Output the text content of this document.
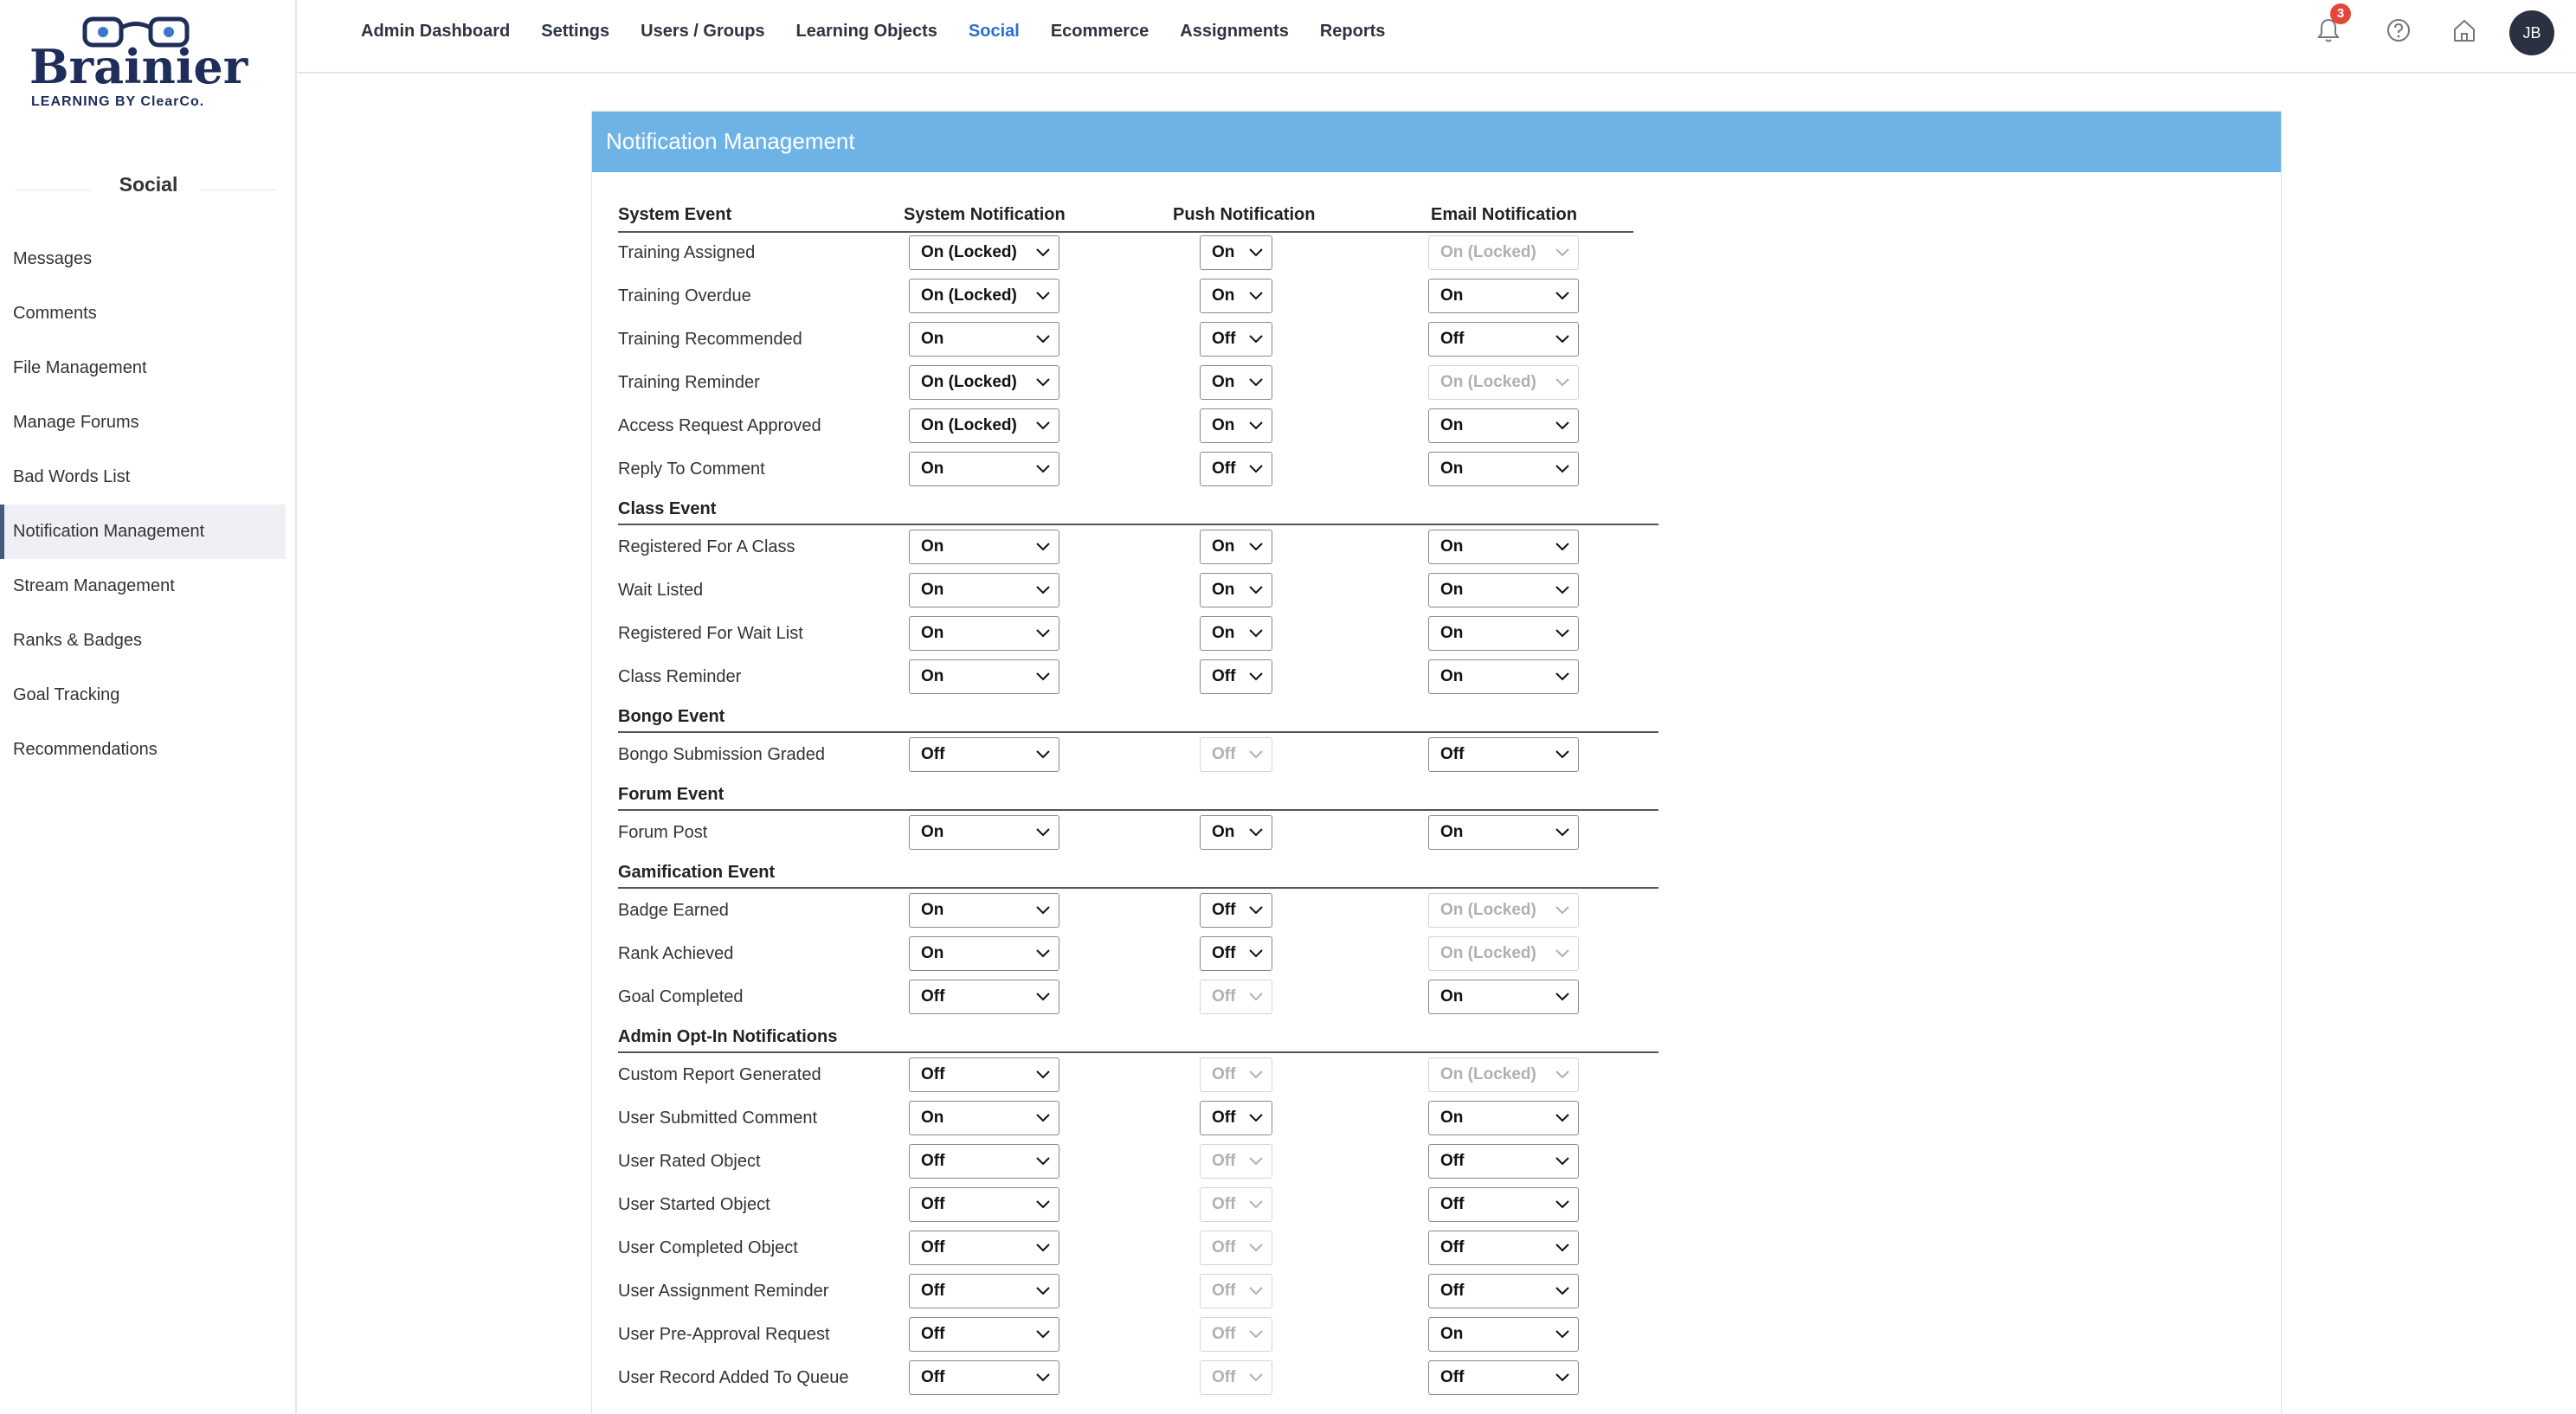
Brainier
LEARNING BY ClearCo.
Social
Messages
Comments
File Management
Manage Forums
Bad Words List
Notification Management
Stream Management
Ranks & Badges
Goal Tracking
Recommendations
Admin Dashboard Settings Users / Groups Learning Objects Social Ecommerce Assignments Reports
3
JB
Notification Management
System Event	System Notification	Push Notification	Email Notification
Training Assigned	On (Locked)	On	On (Locked)
Training Overdue	On (Locked)	On	On
Training Recommended	On	Off	Off
Training Reminder	On (Locked)	On	On (Locked)
Access Request Approved	On (Locked)	On	On
Reply To Comment	On	Off	On
Class Event
Registered For A Class	On	On	On
Wait Listed	On	On	On
Registered For Wait List	On	On	On
Class Reminder	On	Off	On
Bongo Event
Bongo Submission Graded	Off	Off	Off
Forum Event
Forum Post	On	On	On
Gamification Event
Badge Earned	On	Off	On (Locked)
Rank Achieved	On	Off	On (Locked)
Goal Completed	Off	Off	On
Admin Opt-In Notifications
Custom Report Generated	Off	Off	On (Locked)
User Submitted Comment	On	Off	On
User Rated Object	Off	Off	Off
User Started Object	Off	Off	Off
User Completed Object	Off	Off	Off
User Assignment Reminder	Off	Off	Off
User Pre-Approval Request	Off	Off	On
User Record Added To Queue	Off	Off	Off
